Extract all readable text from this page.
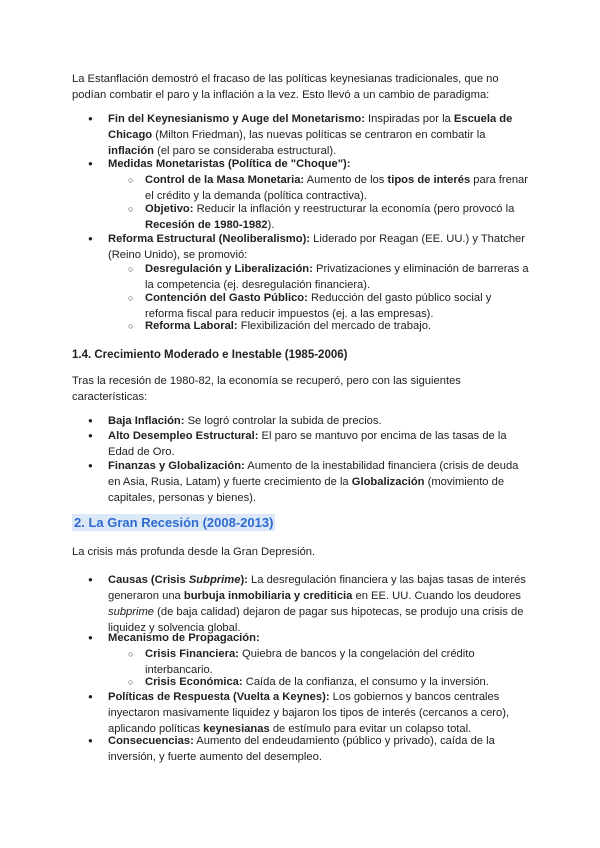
La Estanflación demostró el fracaso de las políticas keynesianas tradicionales, que no podían combatir el paro y la inflación a la vez. Esto llevó a un cambio de paradigma:

● Fin del Keynesianismo y Auge del Monetarismo: Inspiradas por la Escuela de Chicago (Milton Friedman), las nuevas políticas se centraron en combatir la inflación (el paro se consideraba estructural).
● Medidas Monetaristas (Política de "Choque"):
○ Control de la Masa Monetaria: Aumento de los tipos de interés para frenar el crédito y la demanda (política contractiva).
○ Objetivo: Reducir la inflación y reestructurar la economía (pero provocó la Recesión de 1980-1982).
● Reforma Estructural (Neoliberalismo): Liderado por Reagan (EE. UU.) y Thatcher (Reino Unido), se promovió:
○ Desregulación y Liberalización: Privatizaciones y eliminación de barreras a la competencia (ej. desregulación financiera).
○ Contención del Gasto Público: Reducción del gasto público social y reforma fiscal para reducir impuestos (ej. a las empresas).
○ Reforma Laboral: Flexibilización del mercado de trabajo.
1.4. Crecimiento Moderado e Inestable (1985-2006)

Tras la recesión de 1980-82, la economía se recuperó, pero con las siguientes características:

● Baja Inflación: Se logró controlar la subida de precios.
● Alto Desempleo Estructural: El paro se mantuvo por encima de las tasas de la Edad de Oro.
● Finanzas y Globalización: Aumento de la inestabilidad financiera (crisis de deuda en Asia, Rusia, Latam) y fuerte crecimiento de la Globalización (movimiento de capitales, personas y bienes).
2. La Gran Recesión (2008-2013)

La crisis más profunda desde la Gran Depresión.

● Causas (Crisis Subprime): La desregulación financiera y las bajas tasas de interés generaron una burbuja inmobiliaria y crediticia en EE. UU. Cuando los deudores subprime (de baja calidad) dejaron de pagar sus hipotecas, se produjo una crisis de liquidez y solvencia global.
● Mecanismo de Propagación:
○ Crisis Financiera: Quiebra de bancos y la congelación del crédito interbancario.
○ Crisis Económica: Caída de la confianza, el consumo y la inversión.
● Políticas de Respuesta (Vuelta a Keynes): Los gobiernos y bancos centrales inyectaron masivamente liquidez y bajaron los tipos de interés (cercanos a cero), aplicando políticas keynesianas de estímulo para evitar un colapso total.
● Consecuencias: Aumento del endeudamiento (público y privado), caída de la inversión, y fuerte aumento del desempleo.
